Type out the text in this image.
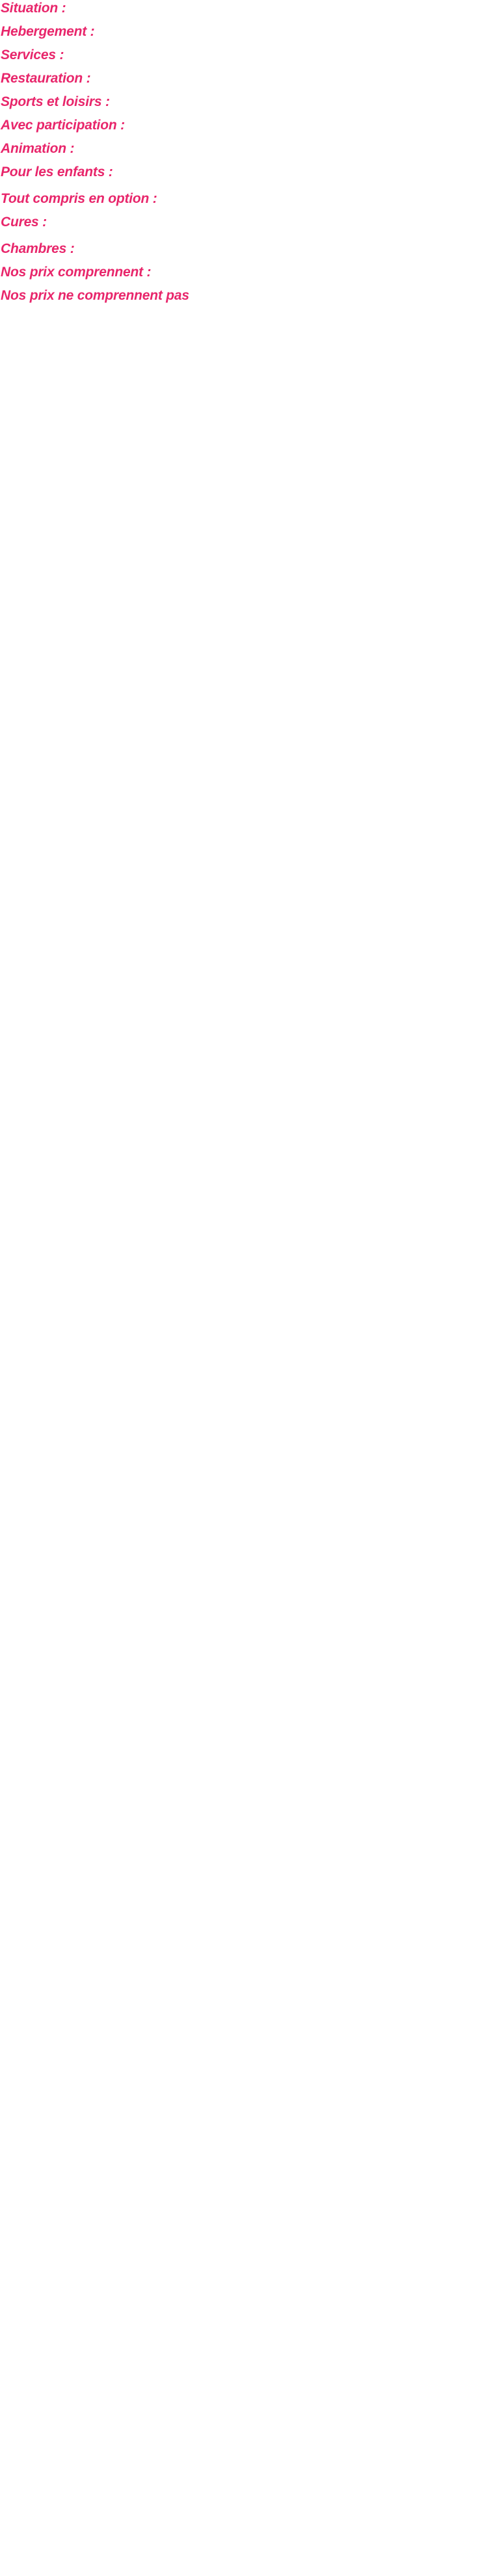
Situation :

Hebergement :

Services :

Restauration :

Sports et loisirs :

Avec participation :

Animation :

Pour les enfants :

Tout compris en option :

Cures :

Chambres :

Nos prix comprennent :

Nos prix ne comprennent pas
